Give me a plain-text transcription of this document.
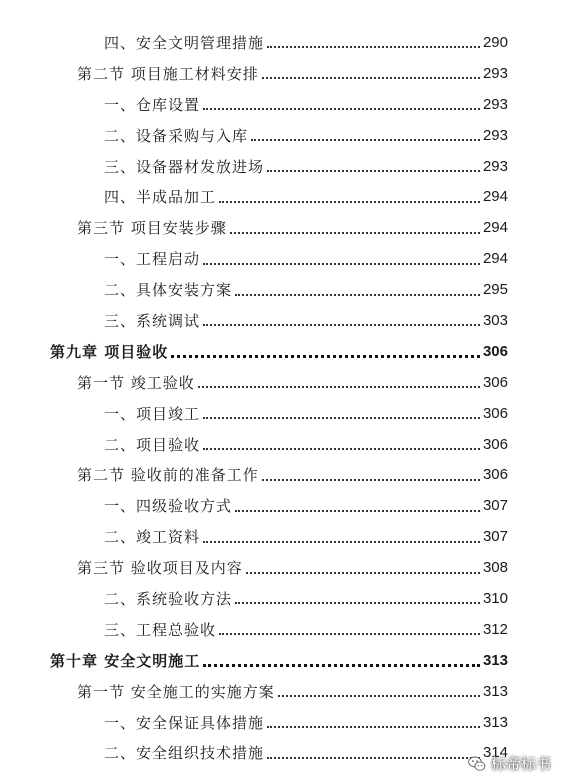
四、安全文明管理措施	290
第二节 项目施工材料安排	293
一、仓库设置	293
二、设备采购与入库	293
三、设备器材发放进场	293
四、半成品加工	294
第三节 项目安装步骤	294
一、工程启动	294
二、具体安装方案	295
三、系统调试	303
第九章 项目验收	306
第一节 竣工验收	306
一、项目竣工	306
二、项目验收	306
第二节 验收前的准备工作	306
一、四级验收方式	307
二、竣工资料	307
第三节 验收项目及内容	308
二、系统验收方法	310
三、工程总验收	312
第十章 安全文明施工	313
第一节 安全施工的实施方案	313
一、安全保证具体措施	313
二、安全组织技术措施	314
标帝标书
